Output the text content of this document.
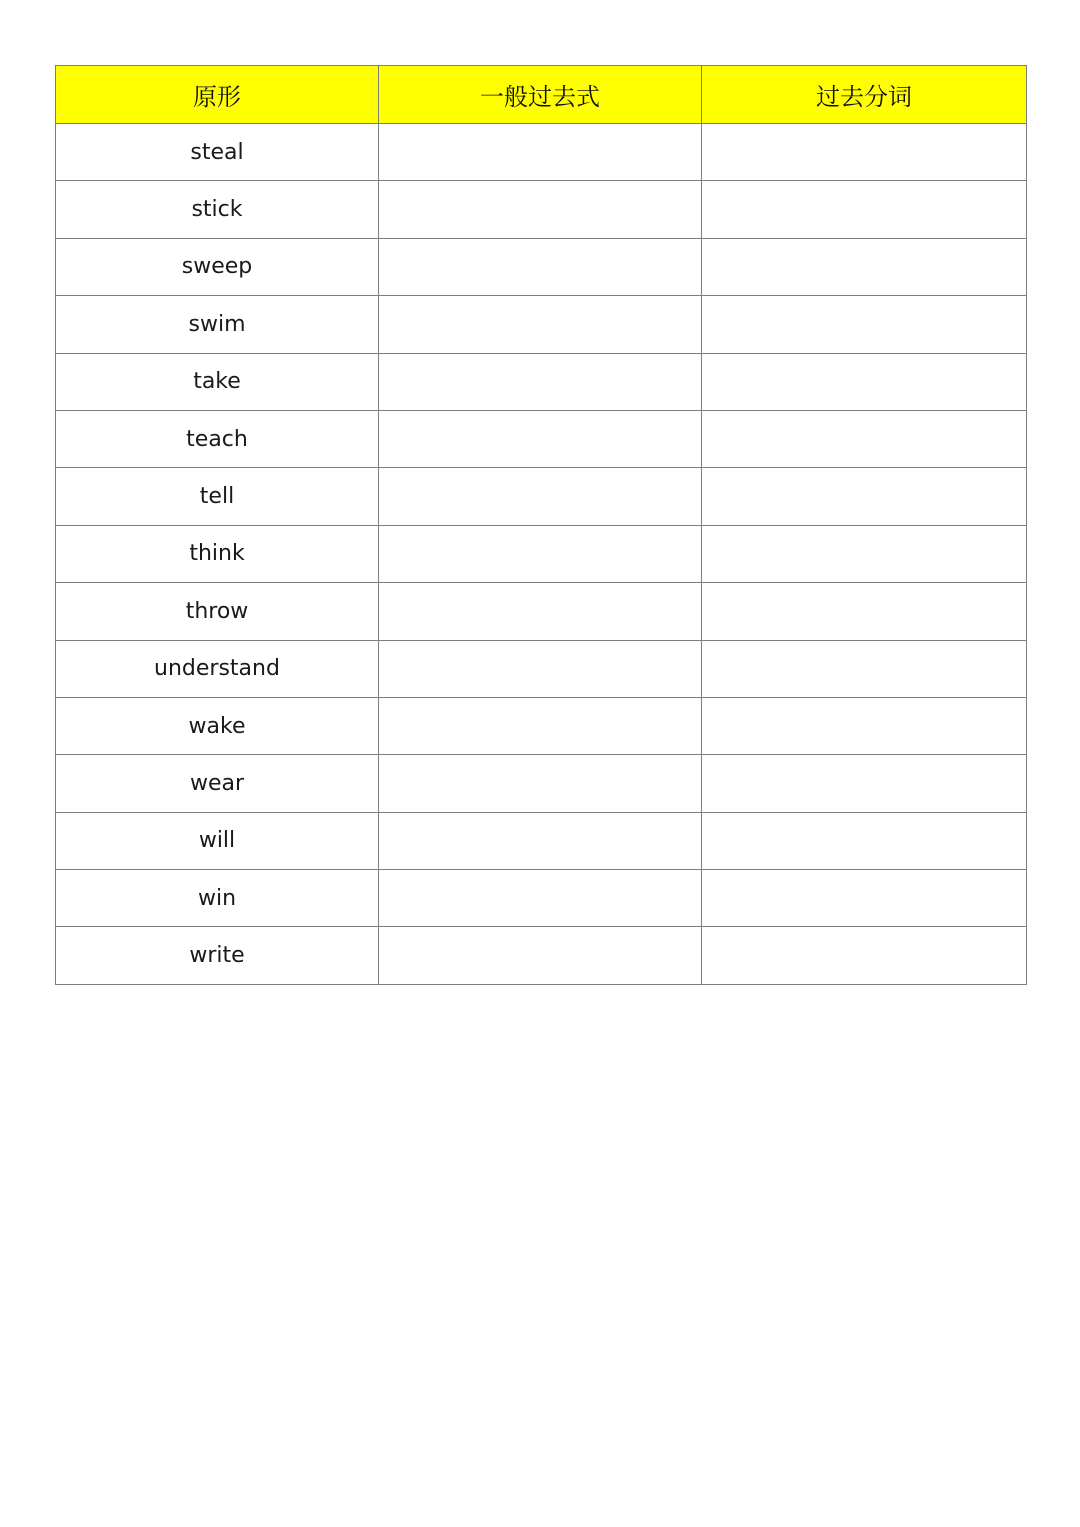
原形	一般过去式	过去分词
steal		
stick		
sweep		
swim		
take		
teach		
tell		
think		
throw		
understand		
wake		
wear		
will		
win		
write		
